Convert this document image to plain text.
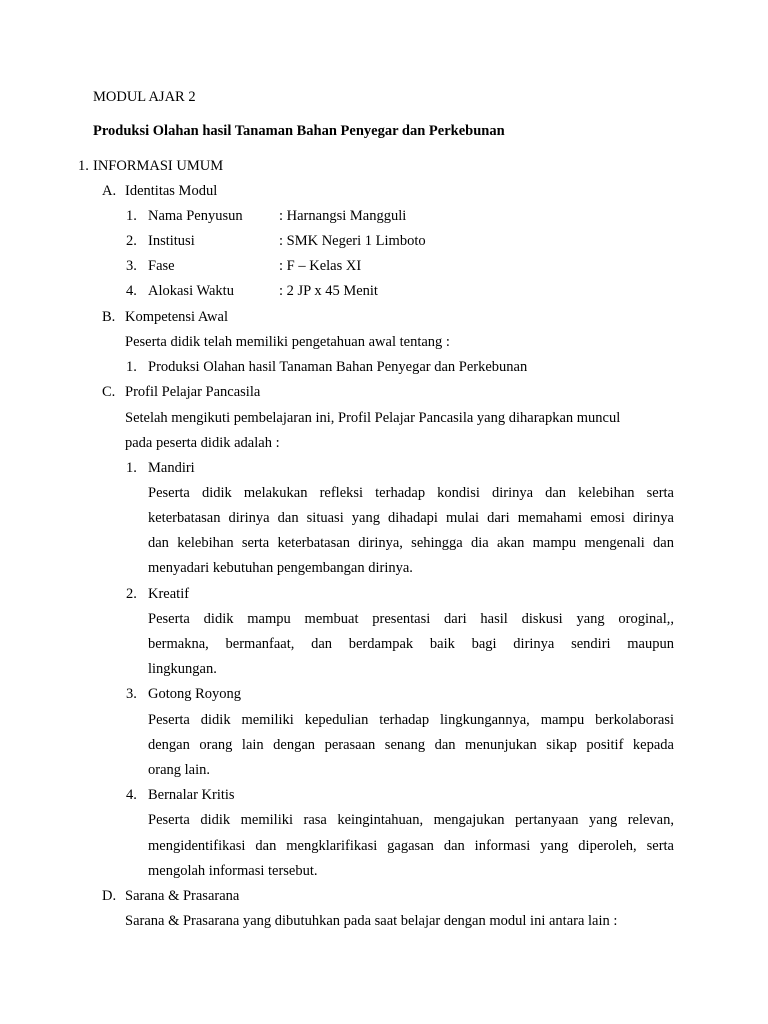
MODUL AJAR 2
Produksi Olahan hasil Tanaman Bahan Penyegar dan Perkebunan
1. INFORMASI UMUM
A. Identitas Modul
1. Nama Penyusun	: Harnangsi Mangguli
2. Institusi	: SMK Negeri 1 Limboto
3. Fase	: F – Kelas XI
4. Alokasi Waktu	: 2 JP x 45 Menit
B. Kompetensi Awal
Peserta didik telah memiliki pengetahuan awal tentang :
1. Produksi Olahan hasil Tanaman Bahan Penyegar dan Perkebunan
C. Profil Pelajar Pancasila
Setelah mengikuti pembelajaran ini, Profil Pelajar Pancasila yang diharapkan muncul
pada peserta didik adalah :
1. Mandiri
Peserta didik melakukan refleksi terhadap kondisi dirinya dan kelebihan serta
keterbatasan dirinya dan situasi yang dihadapi mulai dari memahami emosi dirinya
dan kelebihan serta keterbatasan dirinya, sehingga dia akan mampu mengenali dan
menyadari kebutuhan pengembangan dirinya.
2. Kreatif
Peserta didik mampu membuat presentasi dari hasil diskusi yang oroginal,,
bermakna, bermanfaat, dan berdampak baik bagi dirinya sendiri maupun
lingkungan.
3. Gotong Royong
Peserta didik memiliki kepedulian terhadap lingkungannya, mampu berkolaborasi
dengan orang lain dengan perasaan senang dan menunjukan sikap positif kepada
orang lain.
4. Bernalar Kritis
Peserta didik memiliki rasa keingintahuan, mengajukan pertanyaan yang relevan,
mengidentifikasi dan mengklarifikasi gagasan dan informasi yang diperoleh, serta
mengolah informasi tersebut.
D. Sarana & Prasarana
Sarana & Prasarana yang dibutuhkan pada saat belajar dengan modul ini antara lain :
